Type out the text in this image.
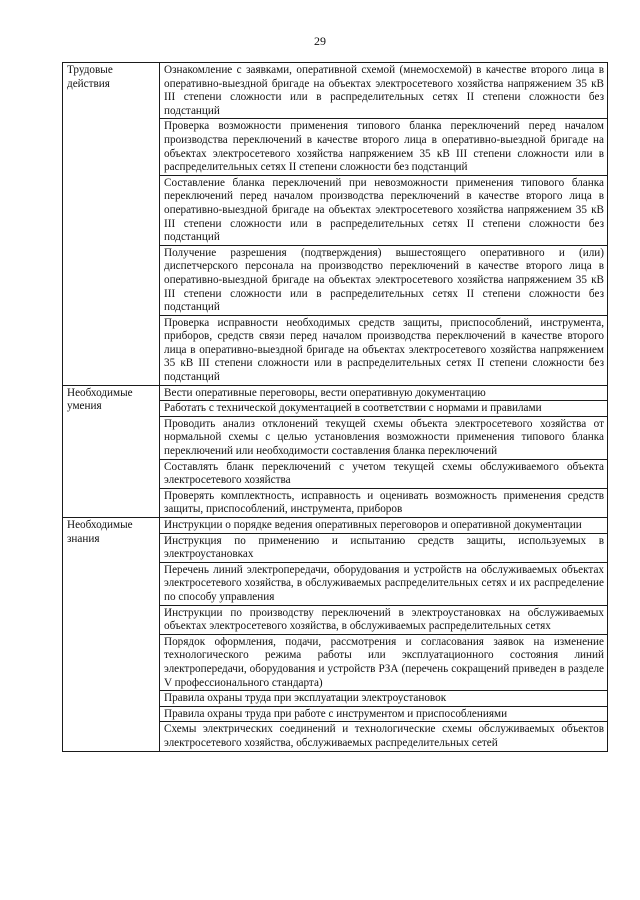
29
Трудовые действия	Ознакомление с заявками, оперативной схемой (мнемосхемой) в качестве второго лица в оперативно-выездной бригаде на объектах электросетевого хозяйства напряжением 35 кВ III степени сложности или в распределительных сетях II степени сложности без подстанций
	Проверка возможности применения типового бланка переключений перед началом производства переключений в качестве второго лица в оперативно-выездной бригаде на объектах электросетевого хозяйства напряжением 35 кВ III степени сложности или в распределительных сетях II степени сложности без подстанций
	Составление бланка переключений при невозможности применения типового бланка переключений перед началом производства переключений в качестве второго лица в оперативно-выездной бригаде на объектах электросетевого хозяйства напряжением 35 кВ III степени сложности или в распределительных сетях II степени сложности без подстанций
	Получение разрешения (подтверждения) вышестоящего оперативного и (или) диспетчерского персонала на производство переключений в качестве второго лица в оперативно-выездной бригаде на объектах электросетевого хозяйства напряжением 35 кВ III степени сложности или в распределительных сетях II степени сложности без подстанций
	Проверка исправности необходимых средств защиты, приспособлений, инструмента, приборов, средств связи перед началом производства переключений в качестве второго лица в оперативно-выездной бригаде на объектах электросетевого хозяйства напряжением 35 кВ III степени сложности или в распределительных сетях II степени сложности без подстанций
Необходимые умения	Вести оперативные переговоры, вести оперативную документацию
	Работать с технической документацией в соответствии с нормами и правилами
	Проводить анализ отклонений текущей схемы объекта электросетевого хозяйства от нормальной схемы с целью установления возможности применения типового бланка переключений или необходимости составления бланка переключений
	Составлять бланк переключений с учетом текущей схемы обслуживаемого объекта электросетевого хозяйства
	Проверять комплектность, исправность и оценивать возможность применения средств защиты, приспособлений, инструмента, приборов
Необходимые знания	Инструкции о порядке ведения оперативных переговоров и оперативной документации
	Инструкция по применению и испытанию средств защиты, используемых в электроустановках
	Перечень линий электропередачи, оборудования и устройств на обслуживаемых объектах электросетевого хозяйства, в обслуживаемых распределительных сетях и их распределение по способу управления
	Инструкции по производству переключений в электроустановках на обслуживаемых объектах электросетевого хозяйства, в обслуживаемых распределительных сетях
	Порядок оформления, подачи, рассмотрения и согласования заявок на изменение технологического режима работы или эксплуатационного состояния линий электропередачи, оборудования и устройств РЗА (перечень сокращений приведен в разделе V профессионального стандарта)
	Правила охраны труда при эксплуатации электроустановок
	Правила охраны труда при работе с инструментом и приспособлениями
	Схемы электрических соединений и технологические схемы обслуживаемых объектов электросетевого хозяйства, обслуживаемых распределительных сетей
